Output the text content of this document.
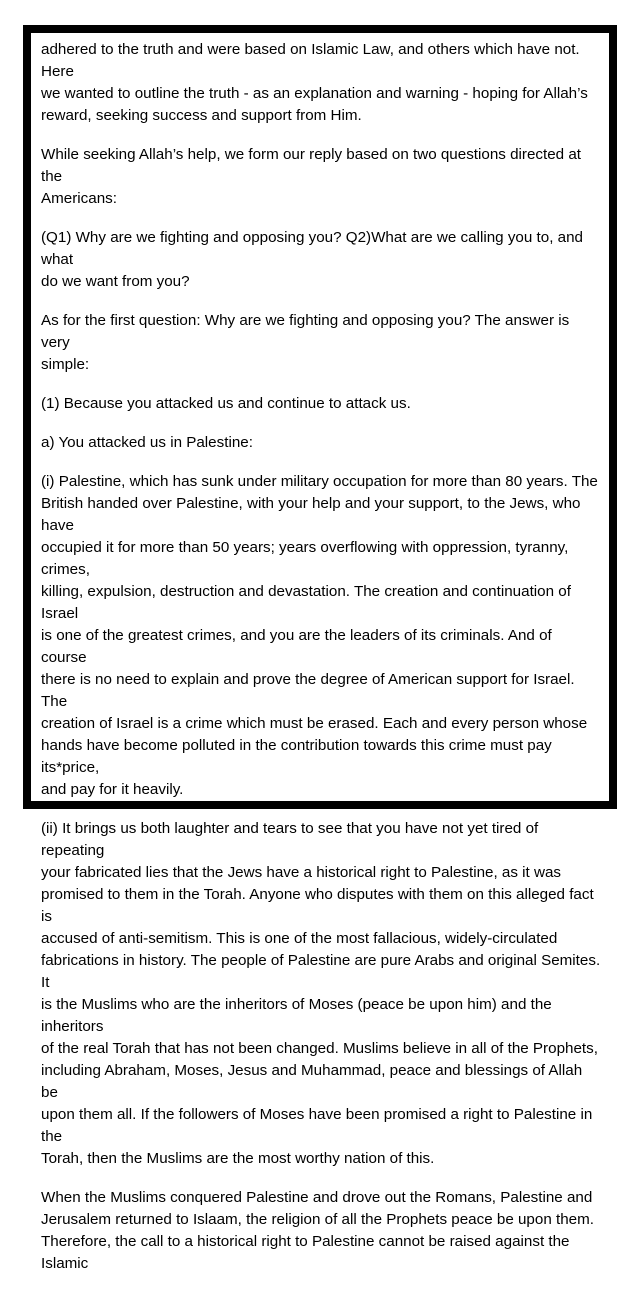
adhered to the truth and were based on Islamic Law, and others which have not. Here
we wanted to outline the truth - as an explanation and warning - hoping for Allah’s
reward, seeking success and support from Him.

While seeking Allah’s help, we form our reply based on two questions directed at the
Americans:

(Q1) Why are we fighting and opposing you? Q2)What are we calling you to, and what
do we want from you?

As for the first question: Why are we fighting and opposing you? The answer is very
simple:

(1) Because you attacked us and continue to attack us.

a) You attacked us in Palestine:

(i) Palestine, which has sunk under military occupation for more than 80 years. The
British handed over Palestine, with your help and your support, to the Jews, who have
occupied it for more than 50 years; years overflowing with oppression, tyranny, crimes,
killing, expulsion, destruction and devastation. The creation and continuation of Israel
is one of the greatest crimes, and you are the leaders of its criminals. And of course
there is no need to explain and prove the degree of American support for Israel. The
creation of Israel is a crime which must be erased. Each and every person whose
hands have become polluted in the contribution towards this crime must pay its*price,
and pay for it heavily.

(ii) It brings us both laughter and tears to see that you have not yet tired of repeating
your fabricated lies that the Jews have a historical right to Palestine, as it was
promised to them in the Torah. Anyone who disputes with them on this alleged fact is
accused of anti-semitism. This is one of the most fallacious, widely-circulated
fabrications in history. The people of Palestine are pure Arabs and original Semites. It
is the Muslims who are the inheritors of Moses (peace be upon him) and the inheritors
of the real Torah that has not been changed. Muslims believe in all of the Prophets,
including Abraham, Moses, Jesus and Muhammad, peace and blessings of Allah be
upon them all. If the followers of Moses have been promised a right to Palestine in the
Torah, then the Muslims are the most worthy nation of this.

When the Muslims conquered Palestine and drove out the Romans, Palestine and
Jerusalem returned to Islaam, the religion of all the Prophets peace be upon them.
Therefore, the call to a historical right to Palestine cannot be raised against the Islamic
